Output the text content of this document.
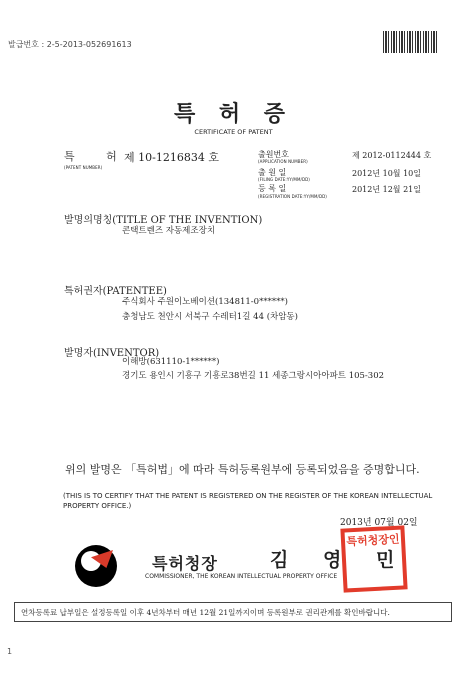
발급번호 : 2-5-2013-052691613
특 허 증
CERTIFICATE OF PATENT
특 허
제 10-1216834 호
(PATENT NUMBER)
출원번호
(APPLICATION NUMBER)
제 2012-0112444 호
출 원 일
(FILING DATE:YY/MM/DD)
2012년 10월 10일
등 록 일
(REGISTRATION DATE:YY/MM/DD)
2012년 12월 21일
발명의명칭(TITLE OF THE INVENTION)
콘택트렌즈 자동제조장치
특허권자(PATENTEE)
주식회사 주원이노베이션(134811-0******)
충청남도 천안시 서북구 수레터1길 44 (차암동)
발명자(INVENTOR)
이해방(631110-1******)
경기도 용인시 기흥구 기흥로38번길 11 세종그랑시아아파트 105-302
위의 발명은 「특허법」에 따라 특허등록원부에 등록되었음을 증명합니다.
(THIS IS TO CERTIFY THAT THE PATENT IS REGISTERED ON THE REGISTER OF THE KOREAN INTELLECTUAL PROPERTY OFFICE.)
2013년 07월 02일
특허청장	김 영 민
COMMISSIONER, THE KOREAN INTELLECTUAL PROPERTY OFFICE
특허청장인
연차등록료 납부일은 설정등록일 이후 4년차부터 매년 12월 21일까지이며 등록원부로 권리관계를 확인바랍니다.
1
